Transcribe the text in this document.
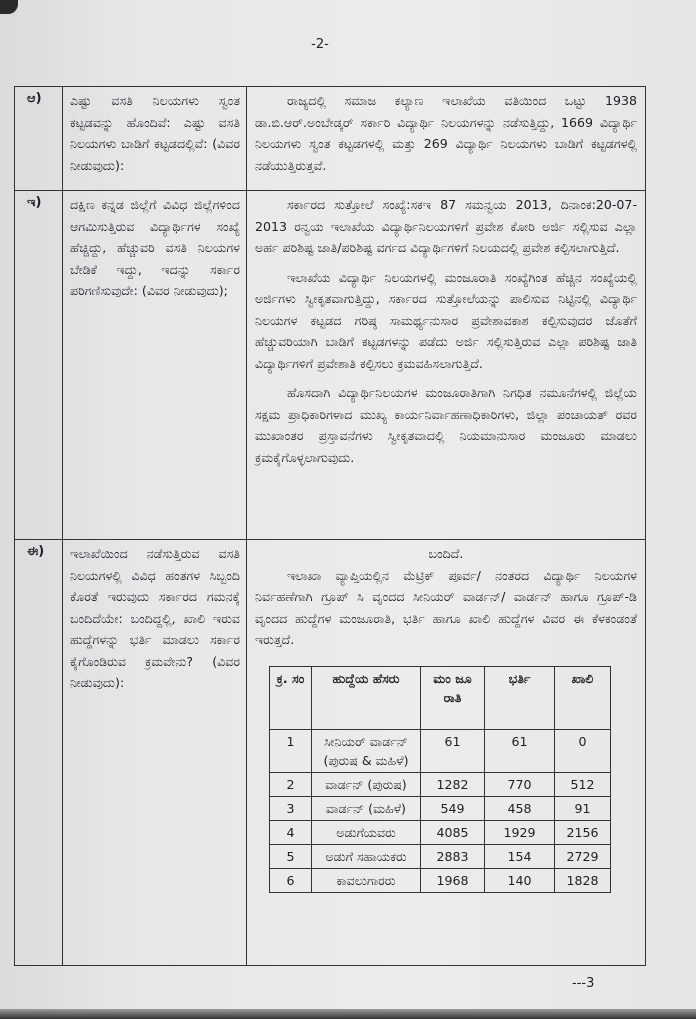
-2-
ಆ)	ಎಷ್ಟು ವಸತಿ ನಿಲಯಗಳು ಸ್ವಂತ ಕಟ್ಟಡವನ್ನು ಹೊಂದಿವೆ: ಎಷ್ಟು ವಸತಿ ನಿಲಯಗಳು ಬಾಡಿಗೆ ಕಟ್ಟಡದಲ್ಲಿವೆ: (ವಿವರ ನೀಡುವುದು):

ರಾಜ್ಯದಲ್ಲಿ ಸಮಾಜ ಕಲ್ಯಾಣ ಇಲಾಖೆಯ ವತಿಯಿಂದ ಒಟ್ಟು 1938 ಡಾ.ಬಿ.ಆರ್.ಅಂಬೇಡ್ಕರ್ ಸರ್ಕಾರಿ ವಿದ್ಯಾರ್ಥಿ ನಿಲಯಗಳನ್ನು ನಡೆಸುತ್ತಿದ್ದು, 1669 ವಿದ್ಯಾರ್ಥಿ ನಿಲಯಗಳು ಸ್ವಂತ ಕಟ್ಟಡಗಳಲ್ಲಿ ಮತ್ತು 269 ವಿದ್ಯಾರ್ಥಿ ನಿಲಯಗಳು ಬಾಡಿಗೆ ಕಟ್ಟಡಗಳಲ್ಲಿ ನಡೆಯುತ್ತಿರುತ್ತವೆ.

ಇ)	ದಕ್ಷಿಣ ಕನ್ನಡ ಜಿಲ್ಲೆಗೆ ವಿವಿಧ ಜಿಲ್ಲೆಗಳಿಂದ ಆಗಮಿಸುತ್ತಿರುವ ವಿದ್ಯಾರ್ಥಿಗಳ ಸಂಖ್ಯೆ ಹೆಚ್ಚಿದ್ದು, ಹೆಚ್ಚುವರಿ ವಸತಿ ನಿಲಯಗಳ ಬೇಡಿಕೆ ಇದ್ದು, ಇದನ್ನು ಸರ್ಕಾರ ಪರಿಗಣಿಸುವುದೇ: (ವಿವರ ನೀಡುವುದು);

ಸರ್ಕಾರದ ಸುತ್ತೋಲೆ ಸಂಖ್ಯೆ:ಸಕಇ 87 ಸಮನ್ವಯ 2013, ದಿನಾಂಕ:20-07-2013 ರನ್ವಯ ಇಲಾಖೆಯ ವಿದ್ಯಾರ್ಥಿನಿಲಯಗಳಿಗೆ ಪ್ರವೇಶ ಕೋರಿ ಅರ್ಜಿ ಸಲ್ಲಿಸುವ ಎಲ್ಲಾ ಅರ್ಹ ಪರಿಶಿಷ್ಟ ಜಾತಿ/ಪರಿಶಿಷ್ಟ ವರ್ಗದ ವಿದ್ಯಾರ್ಥಿಗಳಿಗೆ ನಿಲಯದಲ್ಲಿ ಪ್ರವೇಶ ಕಲ್ಪಿಸಲಾಗುತ್ತಿದೆ.

ಇಲಾಖೆಯ ವಿದ್ಯಾರ್ಥಿ ನಿಲಯಗಳಲ್ಲಿ ಮಂಜೂರಾತಿ ಸಂಖ್ಯೆಗಿಂತ ಹೆಚ್ಚಿನ ಸಂಖ್ಯೆಯಲ್ಲಿ ಅರ್ಜಿಗಳು ಸ್ವೀಕೃತವಾಗುತ್ತಿದ್ದು, ಸರ್ಕಾರದ ಸುತ್ತೋಲೆಯನ್ನು ಪಾಲಿಸುವ ನಿಟ್ಟಿನಲ್ಲಿ ವಿದ್ಯಾರ್ಥಿ ನಿಲಯಗಳ ಕಟ್ಟಡದ ಗರಿಷ್ಠ ಸಾಮರ್ಥ್ಯನುಸಾರ ಪ್ರವೇಶಾವಕಾಶ ಕಲ್ಪಿಸುವುದರ ಜೊತೆಗೆ ಹೆಚ್ಚುವರಿಯಾಗಿ ಬಾಡಿಗೆ ಕಟ್ಟಡಗಳನ್ನು ಪಡೆದು ಅರ್ಜಿ ಸಲ್ಲಿಸುತ್ತಿರುವ ಎಲ್ಲಾ ಪರಿಶಿಷ್ಟ ಜಾತಿ ವಿದ್ಯಾರ್ಥಿಗಳಿಗೆ ಪ್ರವೇಶಾತಿ ಕಲ್ಪಿಸಲು ಕ್ರಮವಹಿಸಲಾಗುತ್ತಿದೆ.

ಹೊಸದಾಗಿ ವಿದ್ಯಾರ್ಥಿನಿಲಯಗಳ ಮಂಜೂರಾತಿಗಾಗಿ ನಿಗಧಿತ ನಮೂನೆಗಳಲ್ಲಿ ಜಿಲ್ಲೆಯ ಸಕ್ಷಮ ಪ್ರಾಧಿಕಾರಿಗಳಾದ ಮುಖ್ಯ ಕಾರ್ಯನಿರ್ವಾಹಣಾಧಿಕಾರಿಗಳು, ಜಿಲ್ಲಾ ಪಂಚಾಯತ್ ರವರ ಮುಖಾಂತರ ಪ್ರಸ್ತಾವನೆಗಳು ಸ್ವೀಕೃತವಾದಲ್ಲಿ ನಿಯಮಾನುಸಾರ ಮಂಜೂರು ಮಾಡಲು ಕ್ರಮಕೈಗೊಳ್ಳಲಾಗುವುದು.

ಈ)	ಇಲಾಖೆಯಿಂದ ನಡೆಸುತ್ತಿರುವ ವಸತಿ ನಿಲಯಗಳಲ್ಲಿ ವಿವಿಧ ಹಂತಗಳ ಸಿಬ್ಬಂದಿ ಕೊರತೆ ಇರುವುದು ಸರ್ಕಾರದ ಗಮನಕ್ಕೆ ಬಂದಿದೆಯೇ: ಬಂದಿದ್ದಲ್ಲಿ, ಖಾಲಿ ಇರುವ ಹುದ್ದೆಗಳನ್ನು ಭರ್ತಿ ಮಾಡಲು ಸರ್ಕಾರ ಕೈಗೊಂಡಿರುವ ಕ್ರಮವೇನು? (ವಿವರ ನೀಡುವುದು):
ಬಂದಿದೆ.

ಇಲಾಖಾ ವ್ಯಾಪ್ತಿಯಲ್ಲಿನ ಮೆಟ್ರಿಕ್ ಪೂರ್ವ/ ನಂತರದ ವಿದ್ಯಾರ್ಥಿ ನಿಲಯಗಳ ನಿರ್ವಹಣೆಗಾಗಿ ಗ್ರೂಪ್ ಸಿ ವೃಂದದ ಸೀನಿಯರ್ ವಾರ್ಡನ್/ ವಾರ್ಡನ್ ಹಾಗೂ ಗ್ರೂಪ್-ಡಿ ವೃಂದದ ಹುದ್ದೆಗಳ ಮಂಜೂರಾತಿ, ಭರ್ತಿ ಹಾಗೂ ಖಾಲಿ ಹುದ್ದೆಗಳ ವಿವರ ಈ ಕೆಳಕಂಡಂತೆ ಇರುತ್ತದೆ.

ಕ್ರ. ಸಂ	ಹುದ್ದೆಯ ಹೆಸರು	ಮಂ ಜೂ ರಾತಿ	ಭರ್ತಿ	ಖಾಲಿ
1	ಸೀನಿಯರ್ ವಾರ್ಡನ್ (ಪುರುಷ & ಮಹಿಳೆ)	61	61	0
2	ವಾರ್ಡನ್ (ಪುರುಷ)	1282	770	512
3	ವಾರ್ಡನ್ (ಮಹಿಳೆ)	549	458	91
4	ಅಡುಗೆಯವರು	4085	1929	2156
5	ಅಡುಗೆ ಸಹಾಯಕರು	2883	154	2729
6	ಕಾವಲುಗಾರರು	1968	140	1828
---3
